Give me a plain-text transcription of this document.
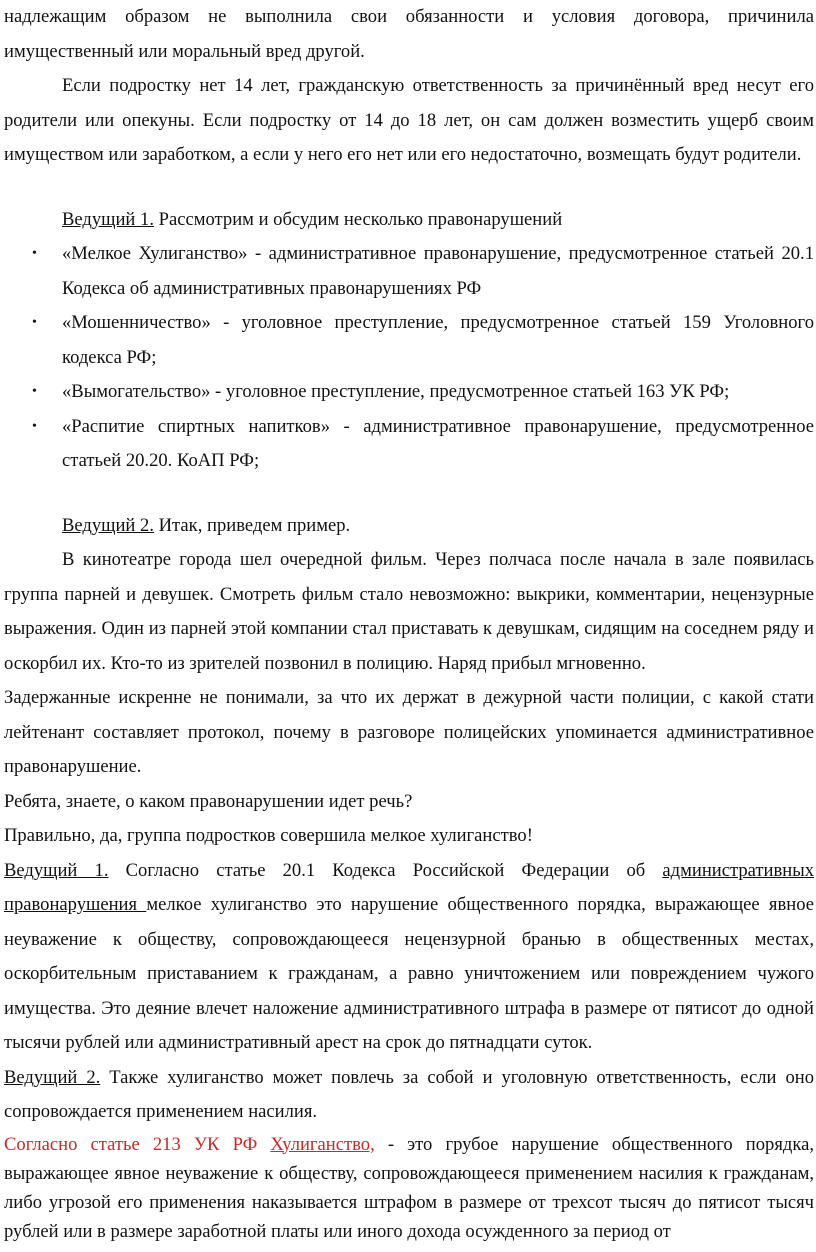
надлежащим образом не выполнила свои обязанности и условия договора, причинила имущественный или моральный вред другой.

Если подростку нет 14 лет, гражданскую ответственность за причинённый вред несут его родители или опекуны. Если подростку от 14 до 18 лет, он сам должен возместить ущерб своим имуществом или заработком, а если у него его нет или его недостаточно, возмещать будут родители.

Ведущий 1. Рассмотрим и обсудим несколько правонарушений

• «Мелкое Хулиганство» - административное правонарушение, предусмотренное статьей 20.1 Кодекса об административных правонарушениях РФ
• «Мошенничество» - уголовное преступление, предусмотренное статьей 159 Уголовного кодекса РФ;
• «Вымогательство» - уголовное преступление, предусмотренное статьей 163 УК РФ;
• «Распитие спиртных напитков» - административное правонарушение, предусмотренное статьей 20.20. КоАП РФ;

Ведущий 2. Итак, приведем пример.

В кинотеатре города шел очередной фильм. Через полчаса после начала в зале появилась группа парней и девушек. Смотреть фильм стало невозможно: выкрики, комментарии, нецензурные выражения. Один из парней этой компании стал приставать к девушкам, сидящим на соседнем ряду и оскорбил их. Кто-то из зрителей позвонил в полицию. Наряд прибыл мгновенно.

Задержанные искренне не понимали, за что их держат в дежурной части полиции, с какой стати лейтенант составляет протокол, почему в разговоре полицейских упоминается административное правонарушение.

Ребята, знаете, о каком правонарушении идет речь?

Правильно, да, группа подростков совершила мелкое хулиганство!

Ведущий 1. Согласно статье 20.1 Кодекса Российской Федерации об административных правонарушения мелкое хулиганство это нарушение общественного порядка, выражающее явное неуважение к обществу, сопровождающееся нецензурной бранью в общественных местах, оскорбительным приставанием к гражданам, а равно уничтожением или повреждением чужого имущества. Это деяние влечет наложение административного штрафа в размере от пятисот до одной тысячи рублей или административный арест на срок до пятнадцати суток.

Ведущий 2. Также хулиганство может повлечь за собой и уголовную ответственность, если оно сопровождается применением насилия.

Согласно статье 213 УК РФ Хулиганство, - это грубое нарушение общественного порядка, выражающее явное неуважение к обществу, сопровождающееся применением насилия к гражданам, либо угрозой его применения наказывается штрафом в размере от трехсот тысяч до пятисот тысяч рублей или в размере заработной платы или иного дохода осужденного за период от
